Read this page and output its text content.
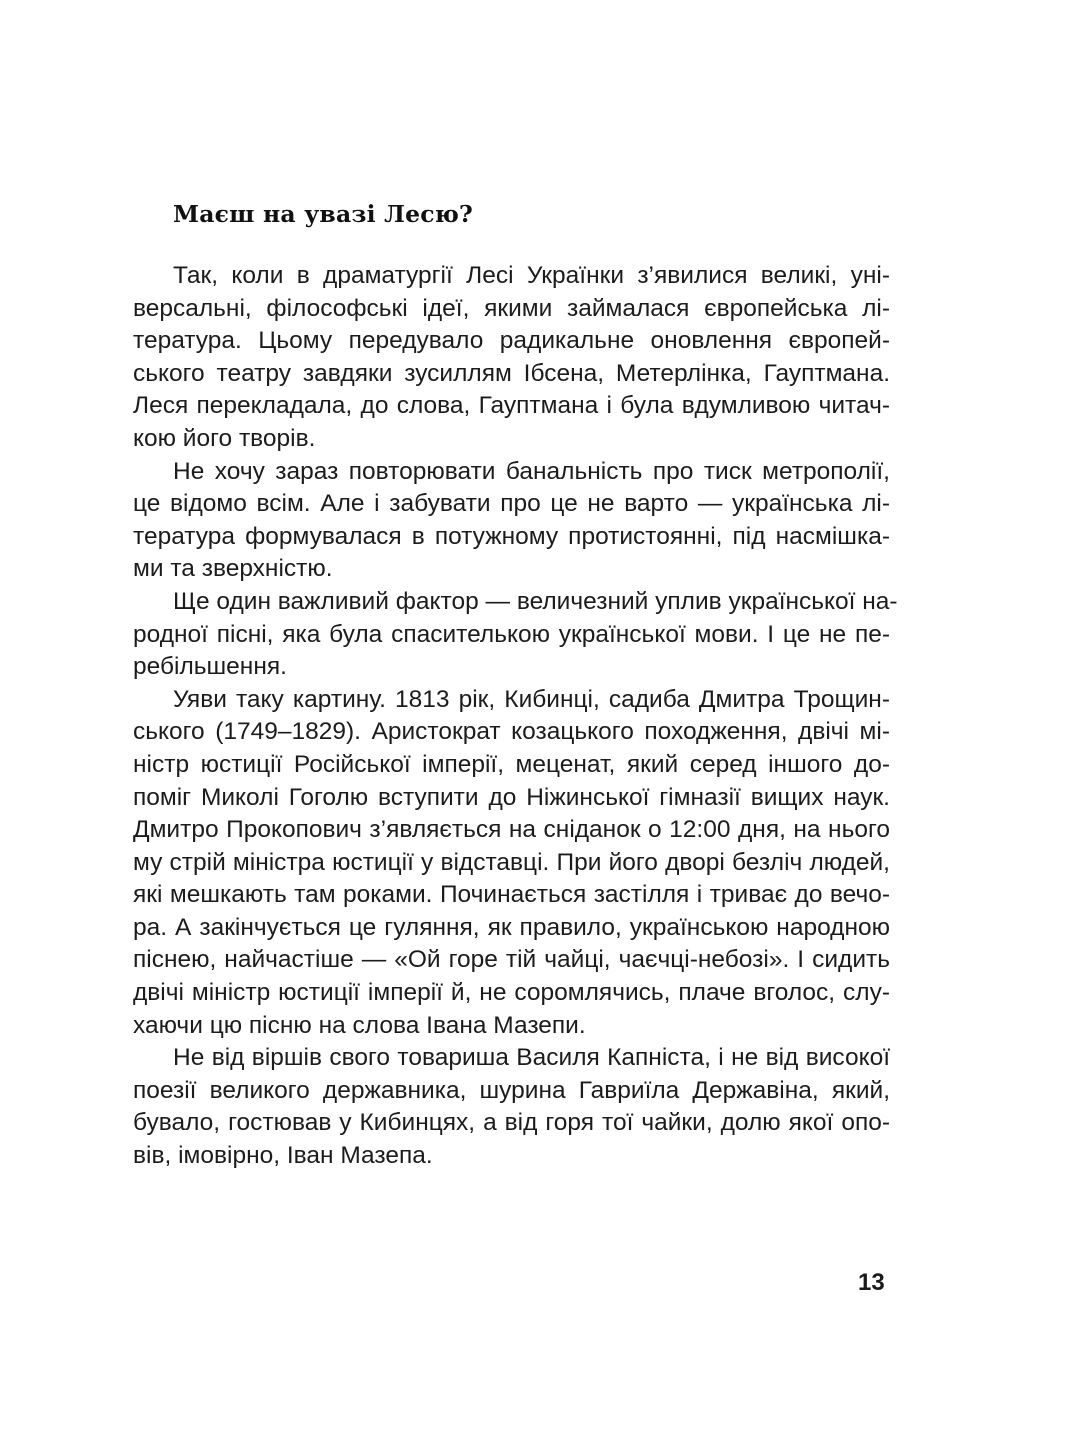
Маєш на увазі Лесю?
Так, коли в драматургії Лесі Українки з’явилися великі, уні-
версальні, філософські ідеї, якими займалася європейська лі-
тература. Цьому передувало радикальне оновлення європей-
ського театру завдяки зусиллям Ібсена, Метерлінка, Гауптмана.
Леся перекладала, до слова, Гауптмана і була вдумливою читач-
кою його творів.
Не хочу зараз повторювати банальність про тиск метрополії,
це відомо всім. Але і забувати про це не варто — українська лі-
тература формувалася в потужному протистоянні, під насмішка-
ми та зверхністю.
Ще один важливий фактор — величезний уплив української на-
родної пісні, яка була спасителькою української мови. І це не пе-
ребільшення.
Уяви таку картину. 1813 рік, Кибинці, садиба Дмитра Трощин-
ського (1749–1829). Аристократ козацького походження, двічі мі-
ністр юстиції Російської імперії, меценат, який серед іншого до-
поміг Миколі Гоголю вступити до Ніжинської гімназії вищих наук.
Дмитро Прокопович з’являється на сніданок о 12:00 дня, на нього
му стрій міністра юстиції у відставці. При його дворі безліч людей,
які мешкають там роками. Починається застілля і триває до вечо-
ра. А закінчується це гуляння, як правило, українською народною
піснею, найчастіше — «Ой горе тій чайці, чаєчці-небозі». І сидить
двічі міністр юстиції імперії й, не соромлячись, плаче вголос, слу-
хаючи цю пісню на слова Івана Мазепи.
Не від віршів свого товариша Василя Капніста, і не від високої
поезії великого державника, шурина Гавриїла Державіна, який,
бувало, гостював у Кибинцях, а від горя тої чайки, долю якої опо-
вів, імовірно, Іван Мазепа.
13
